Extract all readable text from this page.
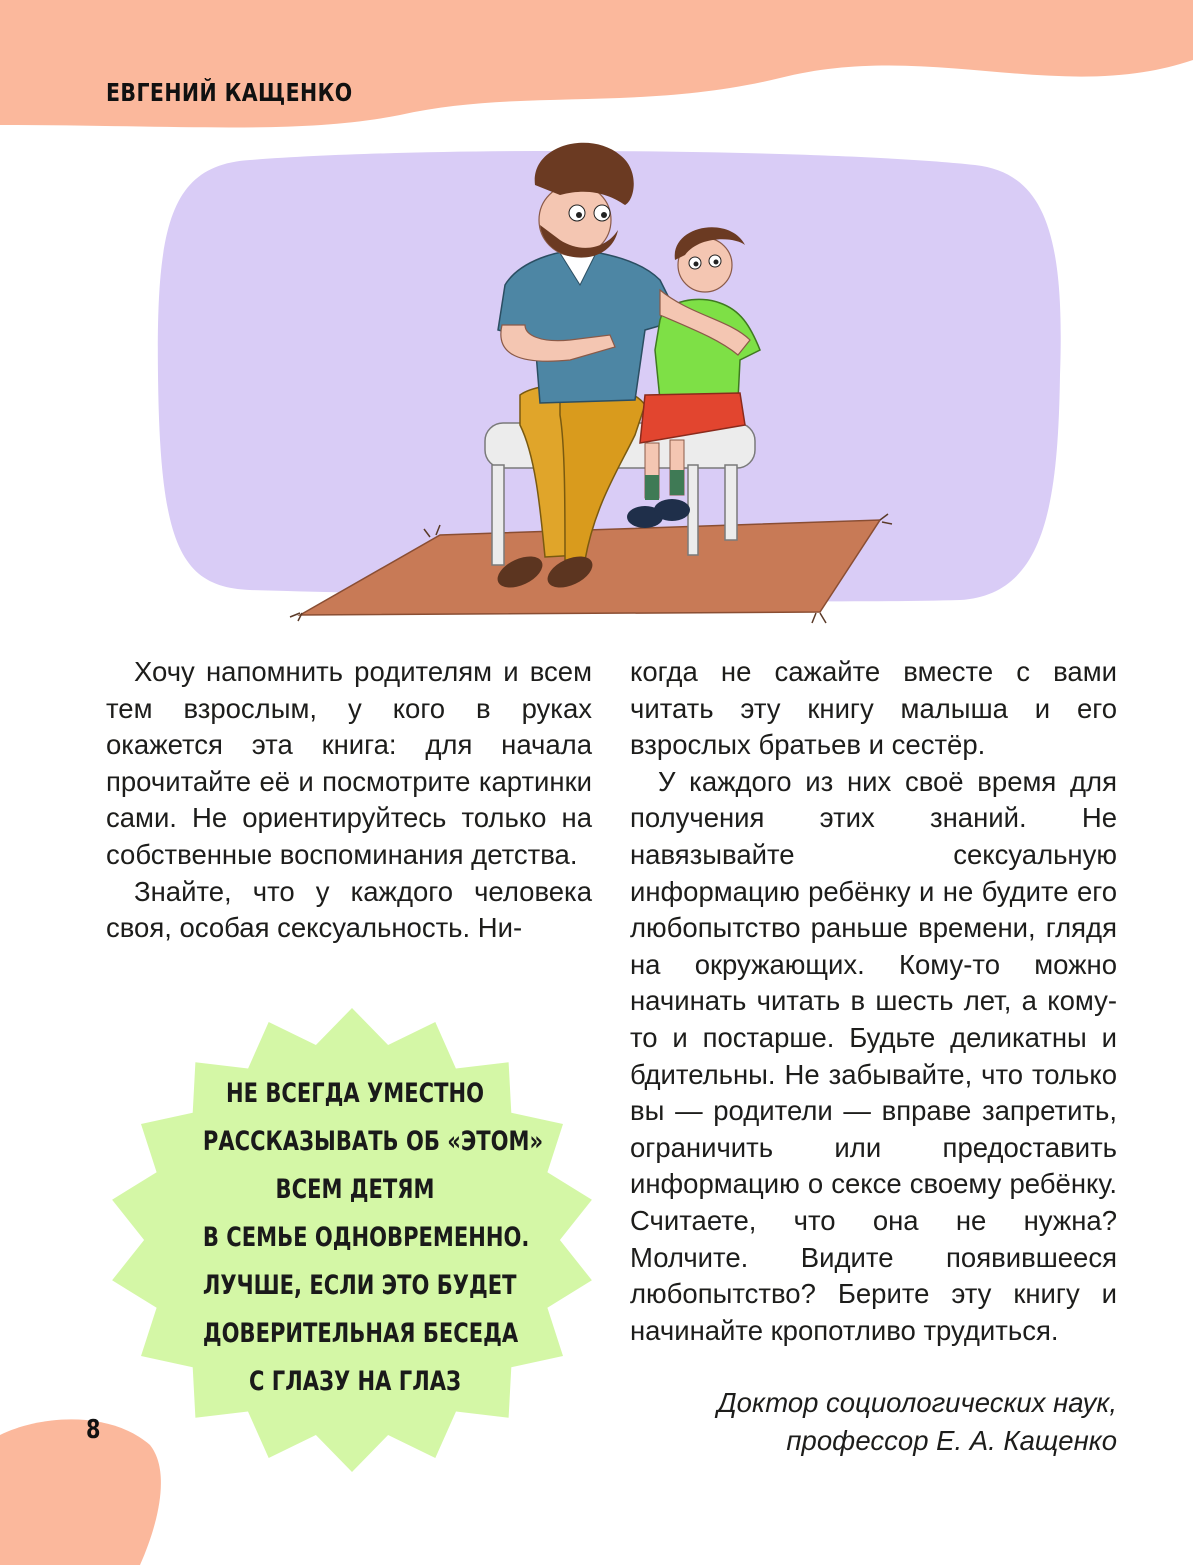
ЕВГЕНИЙ КАЩЕНКО

Хочу напомнить родителям и всем тем взрослым, у кого в руках окажется эта книга: для начала прочитайте её и посмотрите картинки сами. Не ориентируйтесь только на собственные воспоминания детства.

Знайте, что у каждого человека своя, особая сексуальность. Ни-

когда не сажайте вместе с вами читать эту книгу малыша и его взрослых братьев и сестёр.

У каждого из них своё время для получения этих знаний. Не навязывайте сексуальную информацию ребёнку и не будите его любопытство раньше времени, глядя на окружающих. Кому-то можно начинать читать в шесть лет, а кому-то и постарше. Будьте деликатны и бдительны. Не забывайте, что только вы — родители — вправе запретить, ограничить или предоставить информацию о сексе своему ребёнку. Считаете, что она не нужна? Молчите. Видите появившееся любопытство? Берите эту книгу и начинайте кропотливо трудиться.

Доктор социологических наук,
профессор Е. А. Кащенко
НЕ ВСЕГДА УМЕСТНО
РАССКАЗЫВАТЬ ОБ «ЭТОМ»
ВСЕМ ДЕТЯМ
В СЕМЬЕ ОДНОВРЕМЕННО.
ЛУЧШЕ, ЕСЛИ ЭТО БУДЕТ
ДОВЕРИТЕЛЬНАЯ БЕСЕДА
С ГЛАЗУ НА ГЛАЗ
8
